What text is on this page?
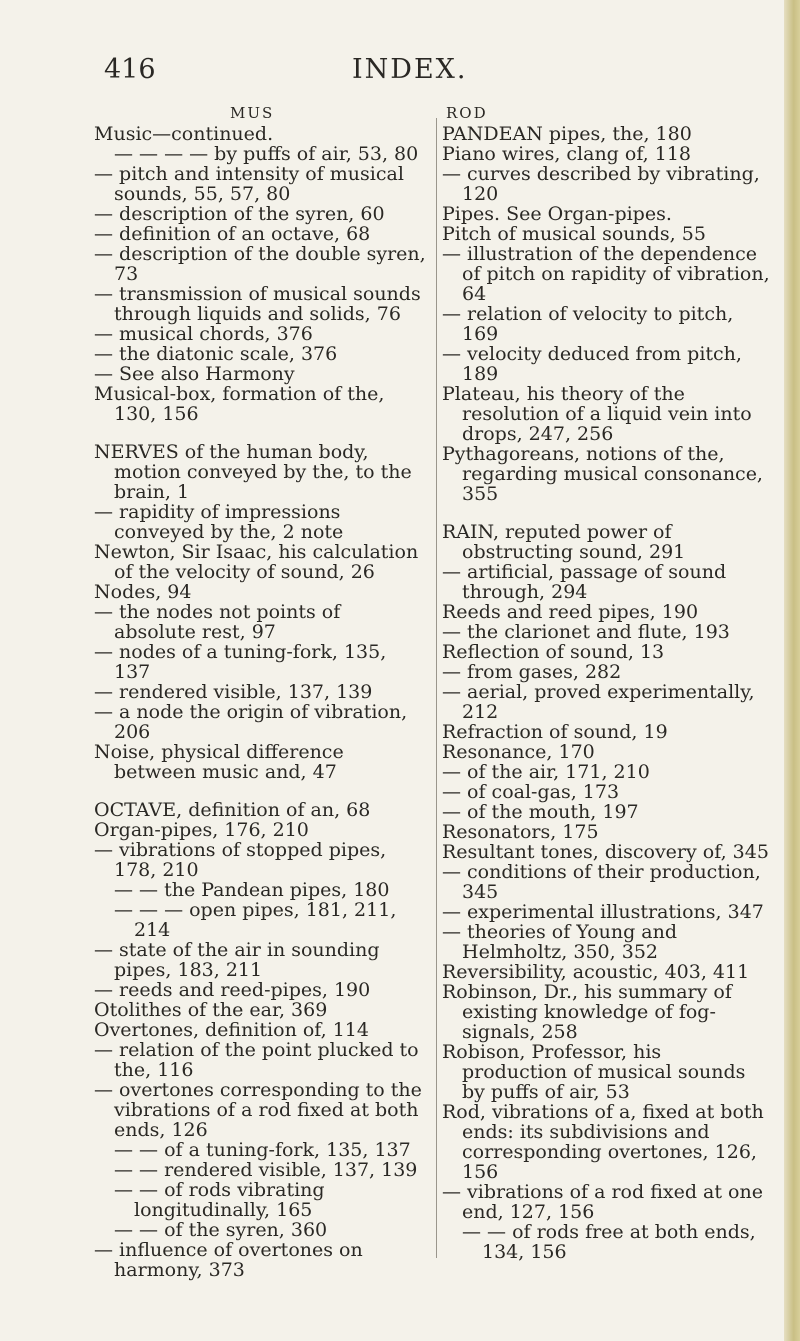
416	INDEX.
MUS	ROD

Music—continued.

— — — — by puffs of air, 53, 80

— pitch and intensity of musical sounds, 55, 57, 80

— description of the syren, 60

— definition of an octave, 68

— description of the double syren, 73

— transmission of musical sounds through liquids and solids, 76

— musical chords, 376

— the diatonic scale, 376

— See also Harmony

Musical-box, formation of the, 130, 156

NERVES of the human body, motion conveyed by the, to the brain, 1

— rapidity of impressions conveyed by the, 2 note

Newton, Sir Isaac, his calculation of the velocity of sound, 26

Nodes, 94

— the nodes not points of absolute rest, 97

— nodes of a tuning-fork, 135, 137

— rendered visible, 137, 139

— a node the origin of vibration, 206

Noise, physical difference between music and, 47

OCTAVE, definition of an, 68

Organ-pipes, 176, 210

— vibrations of stopped pipes, 178, 210

— — the Pandean pipes, 180

— — — open pipes, 181, 211, 214

— state of the air in sounding pipes, 183, 211

— reeds and reed-pipes, 190

Otolithes of the ear, 369

Overtones, definition of, 114

— relation of the point plucked to the, 116

— overtones corresponding to the vibrations of a rod fixed at both ends, 126

— — of a tuning-fork, 135, 137

— — rendered visible, 137, 139

— — of rods vibrating longitudinally, 165

— — of the syren, 360

— influence of overtones on harmony, 373

PANDEAN pipes, the, 180

Piano wires, clang of, 118

— curves described by vibrating, 120

Pipes. See Organ-pipes.

Pitch of musical sounds, 55

— illustration of the dependence of pitch on rapidity of vibration, 64

— relation of velocity to pitch, 169

— velocity deduced from pitch, 189

Plateau, his theory of the resolution of a liquid vein into drops, 247, 256

Pythagoreans, notions of the, regarding musical consonance, 355

RAIN, reputed power of obstructing sound, 291

— artificial, passage of sound through, 294

Reeds and reed pipes, 190

— the clarionet and flute, 193

Reflection of sound, 13

— from gases, 282

— aerial, proved experimentally, 212

Refraction of sound, 19

Resonance, 170

— of the air, 171, 210

— of coal-gas, 173

— of the mouth, 197

Resonators, 175

Resultant tones, discovery of, 345

— conditions of their production, 345

— experimental illustrations, 347

— theories of Young and Helmholtz, 350, 352

Reversibility, acoustic, 403, 411

Robinson, Dr., his summary of existing knowledge of fog-signals, 258

Robison, Professor, his production of musical sounds by puffs of air, 53

Rod, vibrations of a, fixed at both ends: its subdivisions and corresponding overtones, 126, 156

— vibrations of a rod fixed at one end, 127, 156

— — of rods free at both ends, 134, 156
